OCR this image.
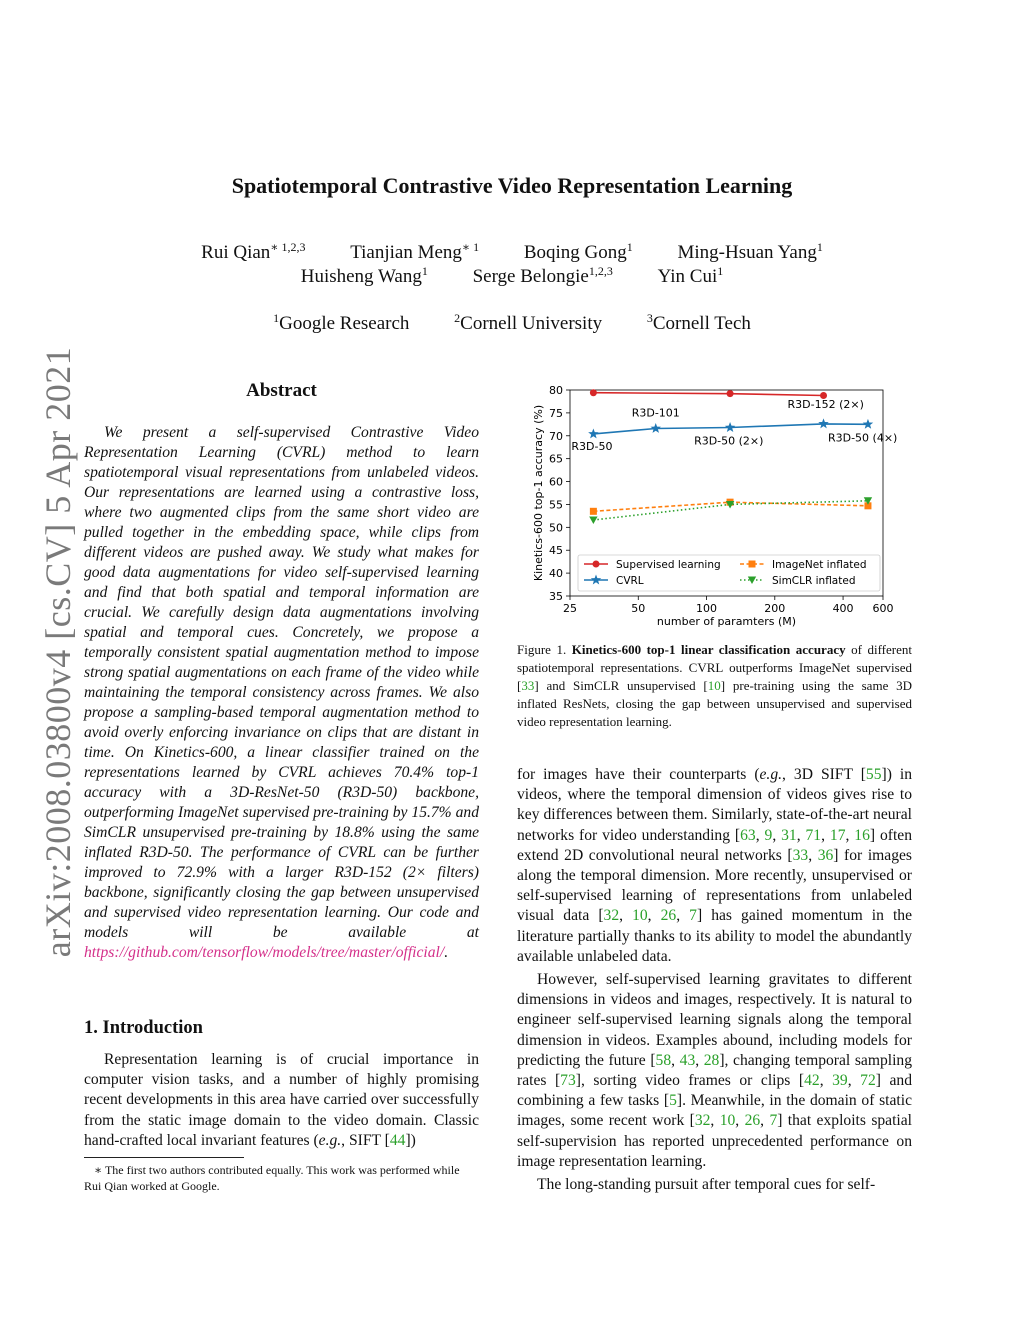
arXiv:2008.03800v4 [cs.CV] 5 Apr 2021
Spatiotemporal Contrastive Video Representation Learning
Rui Qian$^{∗ 1,2,3}$ Tianjian Meng$^{∗ 1}$ Boqing Gong$^1$ Ming-Hsuan Yang$^1$
Huisheng Wang$^1$ Serge Belongie$^{1,2,3}$ Yin Cui$^1$
$^1$Google Research	$^2$Cornell University	$^3$Cornell Tech
Abstract

We present a self-supervised Contrastive Video Representation Learning (CVRL) method to learn spatiotemporal visual representations from unlabeled videos. Our representations are learned using a contrastive loss, where two augmented clips from the same short video are pulled together in the embedding space, while clips from different videos are pushed away. We study what makes for good data augmentations for video self-supervised learning and find that both spatial and temporal information are crucial. We carefully design data augmentations involving spatial and temporal cues. Concretely, we propose a temporally consistent spatial augmentation method to impose strong spatial augmentations on each frame of the video while maintaining the temporal consistency across frames. We also propose a sampling-based temporal augmentation method to avoid overly enforcing invariance on clips that are distant in time. On Kinetics-600, a linear classifier trained on the representations learned by CVRL achieves 70.4% top-1 accuracy with a 3D-ResNet-50 (R3D-50) backbone, outperforming ImageNet supervised pre-training by 15.7% and SimCLR unsupervised pre-training by 18.8% using the same inflated R3D-50. The performance of CVRL can be further improved to 72.9% with a larger R3D-152 (2× filters) backbone, significantly closing the gap between unsupervised and supervised video representation learning. Our code and models will be available at https://github.com/tensorflow/models/tree/master/official/.

1. Introduction

Representation learning is of crucial importance in computer vision tasks, and a number of highly promising recent developments in this area have carried over successfully from the static image domain to the video domain. Classic hand-crafted local invariant features (e.g., SIFT [44])

∗ The first two authors contributed equally. This work was performed while Rui Qian worked at Google.

35
40
45
50
55
60
65
70
75
80
25	50	100	200	400 600
number of paramters (M)
Kinetics-600 top-1 accuracy (%) R3D-50
R3D-101
R3D-50 (2×)
R3D-152 (2×)
R3D-50 (4×)
Supervised learning
CVRL
ImageNet inflated
SimCLR inflated

Figure 1. Kinetics-600 top-1 linear classification accuracy of different spatiotemporal representations. CVRL outperforms ImageNet supervised [33] and SimCLR unsupervised [10] pre-training using the same 3D inflated ResNets, closing the gap between unsupervised and supervised video representation learning.

for images have their counterparts (e.g., 3D SIFT [55]) in videos, where the temporal dimension of videos gives rise to key differences between them. Similarly, state-of-the-art neural networks for video understanding [63, 9, 31, 71, 17, 16] often extend 2D convolutional neural networks [33, 36] for images along the temporal dimension. More recently, unsupervised or self-supervised learning of representations from unlabeled visual data [32, 10, 26, 7] has gained momentum in the literature partially thanks to its ability to model the abundantly available unlabeled data.

However, self-supervised learning gravitates to different dimensions in videos and images, respectively. It is natural to engineer self-supervised learning signals along the temporal dimension in videos. Examples abound, including models for predicting the future [58, 43, 28], changing temporal sampling rates [73], sorting video frames or clips [42, 39, 72] and combining a few tasks [5]. Meanwhile, in the domain of static images, some recent work [32, 10, 26, 7] that exploits spatial self-supervision has reported unprecedented performance on image representation learning.

The long-standing pursuit after temporal cues for self-
